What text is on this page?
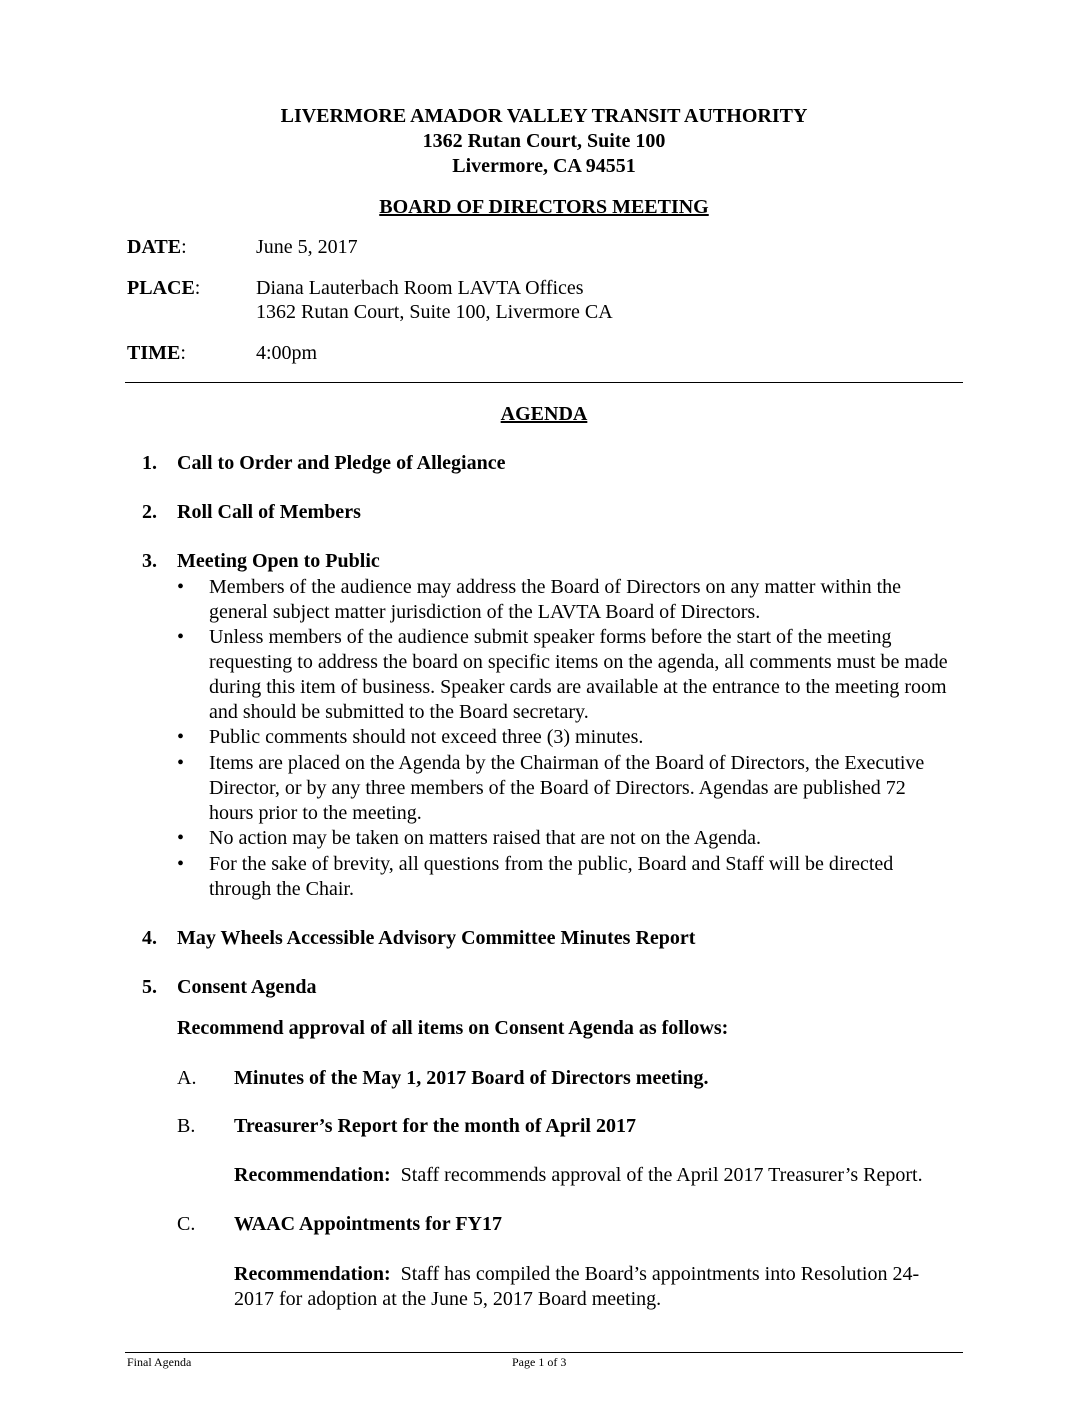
LIVERMORE AMADOR VALLEY TRANSIT AUTHORITY
1362 Rutan Court, Suite 100
Livermore, CA 94551
BOARD OF DIRECTORS MEETING
DATE:	June 5, 2017
PLACE:	Diana Lauterbach Room LAVTA Offices
1362 Rutan Court, Suite 100, Livermore CA
TIME:	4:00pm
AGENDA
1. Call to Order and Pledge of Allegiance
2. Roll Call of Members
3. Meeting Open to Public
• Members of the audience may address the Board of Directors on any matter within the
general subject matter jurisdiction of the LAVTA Board of Directors.
• Unless members of the audience submit speaker forms before the start of the meeting
requesting to address the board on specific items on the agenda, all comments must be made
during this item of business. Speaker cards are available at the entrance to the meeting room
and should be submitted to the Board secretary.
• Public comments should not exceed three (3) minutes.
• Items are placed on the Agenda by the Chairman of the Board of Directors, the Executive
Director, or by any three members of the Board of Directors. Agendas are published 72
hours prior to the meeting.
• No action may be taken on matters raised that are not on the Agenda.
• For the sake of brevity, all questions from the public, Board and Staff will be directed
through the Chair.
4. May Wheels Accessible Advisory Committee Minutes Report
5. Consent Agenda
Recommend approval of all items on Consent Agenda as follows:
A. Minutes of the May 1, 2017 Board of Directors meeting.
B. Treasurer’s Report for the month of April 2017
Recommendation: Staff recommends approval of the April 2017 Treasurer’s Report.
C. WAAC Appointments for FY17
Recommendation: Staff has compiled the Board’s appointments into Resolution 24-
2017 for adoption at the June 5, 2017 Board meeting.
Final Agenda	Page 1 of 3
